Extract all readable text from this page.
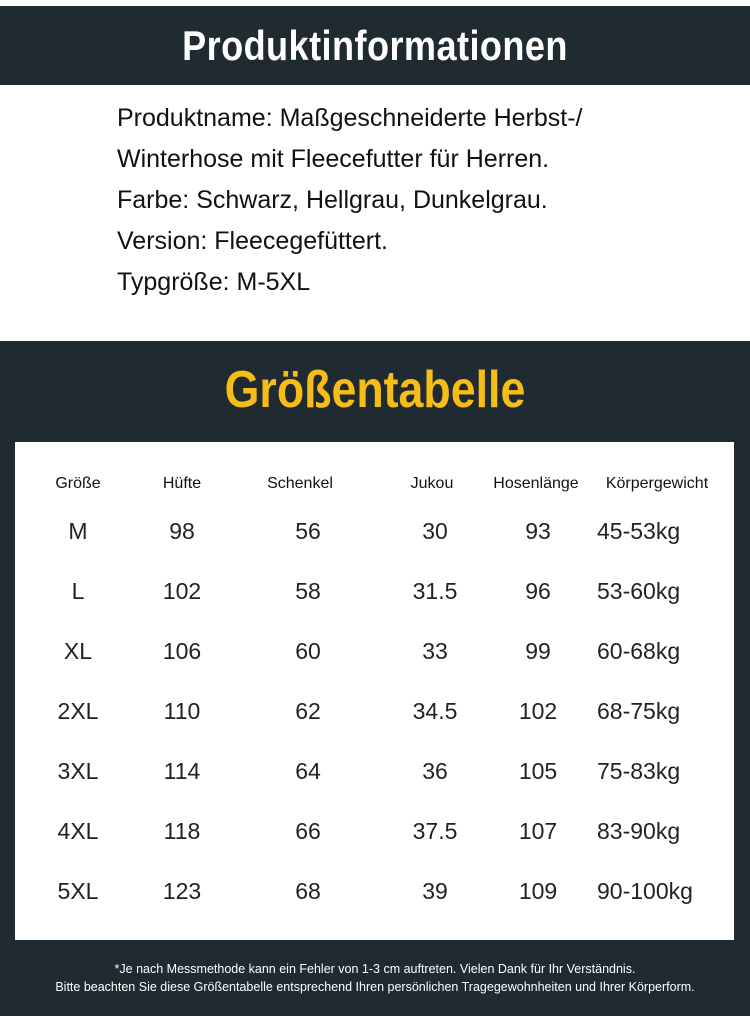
Produktinformationen
Produktname: Maßgeschneiderte Herbst-/
Winterhose mit Fleecefutter für Herren.
Farbe: Schwarz, Hellgrau, Dunkelgrau.
Version: Fleecegefüttert.
Typgröße: M-5XL
Größentabelle
Größe	Hüfte	Schenkel	Jukou Hosenlänge Körpergewicht
M	98	56	30	93 45-53kg
L	102	58	31.5	96 53-60kg
XL	106	60	33	99 60-68kg
2XL	110	62	34.5	102 68-75kg
3XL	114	64	36	105 75-83kg
4XL	118	66	37.5	107 83-90kg
5XL	123	68	39	109 90-100kg
*Je nach Messmethode kann ein Fehler von 1-3 cm auftreten. Vielen Dank für Ihr Verständnis.
Bitte beachten Sie diese Größentabelle entsprechend Ihren persönlichen Tragegewohnheiten und Ihrer Körperform.
